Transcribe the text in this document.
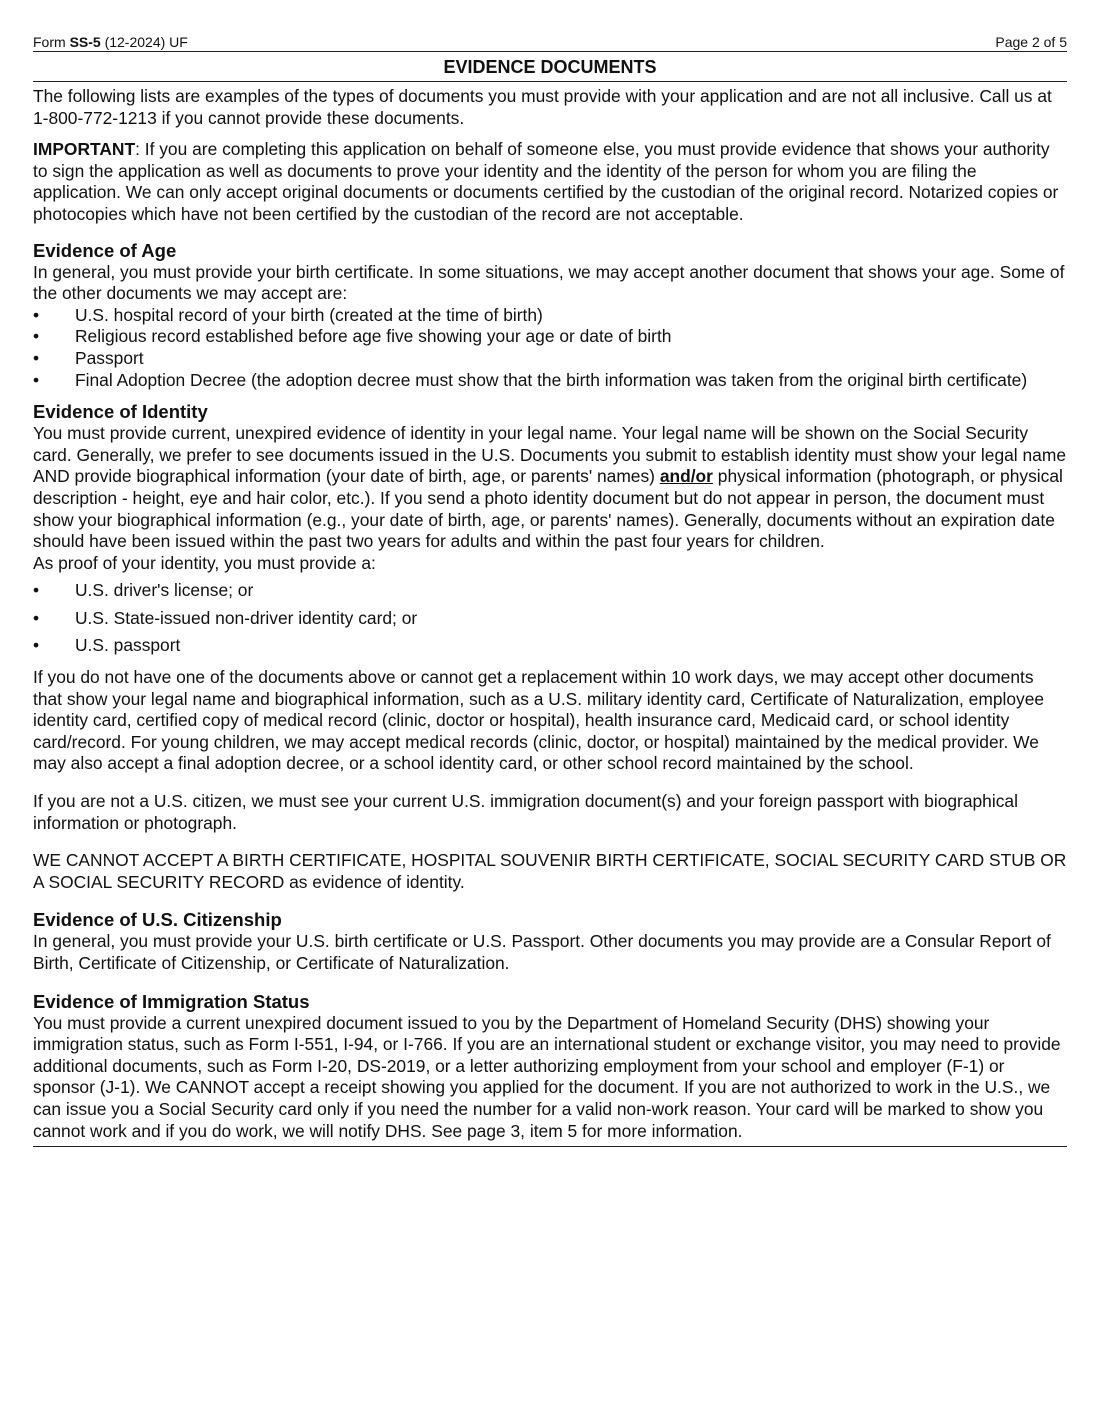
Form SS-5 (12-2024) UF	Page 2 of 5
EVIDENCE DOCUMENTS

The following lists are examples of the types of documents you must provide with your application and are not all inclusive. Call us at 1-800-772-1213 if you cannot provide these documents.

IMPORTANT: If you are completing this application on behalf of someone else, you must provide evidence that shows your authority to sign the application as well as documents to prove your identity and the identity of the person for whom you are filing the application. We can only accept original documents or documents certified by the custodian of the original record. Notarized copies or photocopies which have not been certified by the custodian of the record are not acceptable.

Evidence of Age

In general, you must provide your birth certificate. In some situations, we may accept another document that shows your age. Some of the other documents we may accept are:

• U.S. hospital record of your birth (created at the time of birth)
• Religious record established before age five showing your age or date of birth
• Passport
• Final Adoption Decree (the adoption decree must show that the birth information was taken from the original birth certificate)
Evidence of Identity

You must provide current, unexpired evidence of identity in your legal name. Your legal name will be shown on the Social Security card. Generally, we prefer to see documents issued in the U.S. Documents you submit to establish identity must show your legal name AND provide biographical information (your date of birth, age, or parents' names) and/or physical information (photograph, or physical description - height, eye and hair color, etc.). If you send a photo identity document but do not appear in person, the document must show your biographical information (e.g., your date of birth, age, or parents' names). Generally, documents without an expiration date should have been issued within the past two years for adults and within the past four years for children.

As proof of your identity, you must provide a:

• U.S. driver's license; or
• U.S. State-issued non-driver identity card; or
• U.S. passport

If you do not have one of the documents above or cannot get a replacement within 10 work days, we may accept other documents that show your legal name and biographical information, such as a U.S. military identity card, Certificate of Naturalization, employee identity card, certified copy of medical record (clinic, doctor or hospital), health insurance card, Medicaid card, or school identity card/record. For young children, we may accept medical records (clinic, doctor, or hospital) maintained by the medical provider. We may also accept a final adoption decree, or a school identity card, or other school record maintained by the school.

If you are not a U.S. citizen, we must see your current U.S. immigration document(s) and your foreign passport with biographical information or photograph.

WE CANNOT ACCEPT A BIRTH CERTIFICATE, HOSPITAL SOUVENIR BIRTH CERTIFICATE, SOCIAL SECURITY CARD STUB OR A SOCIAL SECURITY RECORD as evidence of identity.

Evidence of U.S. Citizenship

In general, you must provide your U.S. birth certificate or U.S. Passport. Other documents you may provide are a Consular Report of Birth, Certificate of Citizenship, or Certificate of Naturalization.

Evidence of Immigration Status

You must provide a current unexpired document issued to you by the Department of Homeland Security (DHS) showing your immigration status, such as Form I-551, I-94, or I-766. If you are an international student or exchange visitor, you may need to provide additional documents, such as Form I-20, DS-2019, or a letter authorizing employment from your school and employer (F-1) or sponsor (J-1). We CANNOT accept a receipt showing you applied for the document. If you are not authorized to work in the U.S., we can issue you a Social Security card only if you need the number for a valid non-work reason. Your card will be marked to show you cannot work and if you do work, we will notify DHS. See page 3, item 5 for more information.
